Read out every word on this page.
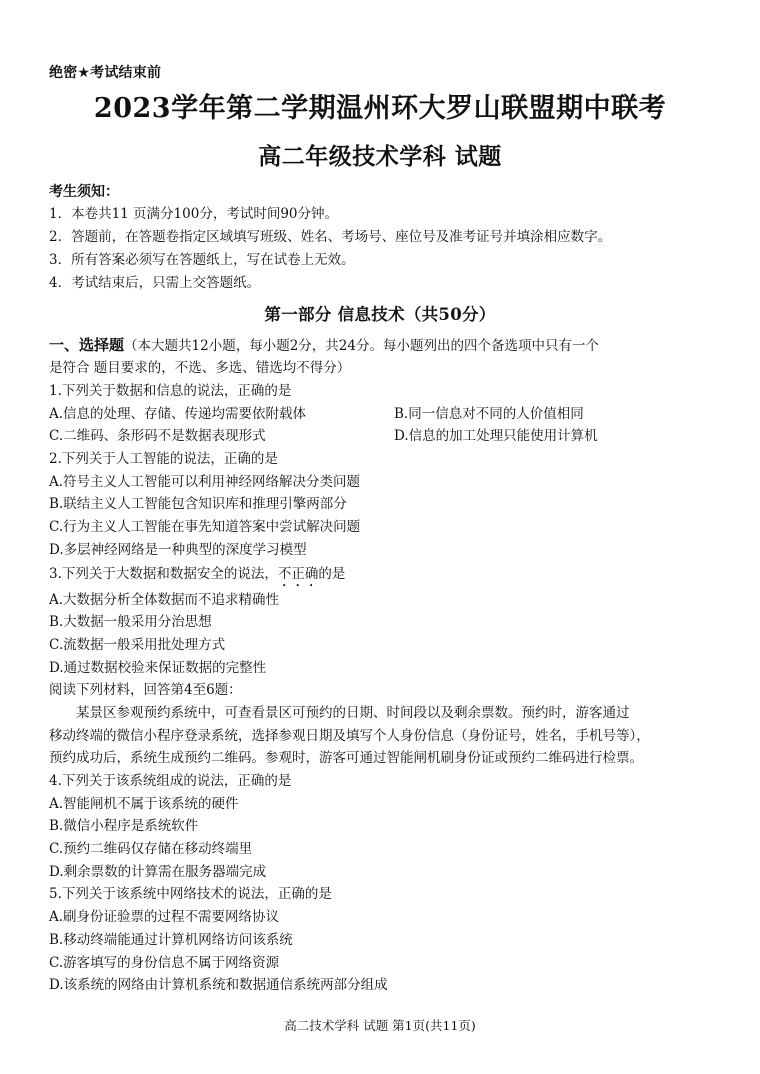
绝密★考试结束前
2023学年第二学期温州环大罗山联盟期中联考
高二年级技术学科 试题
考生须知：
1．本卷共11 页满分100分，考试时间90分钟。
2．答题前，在答题卷指定区域填写班级、姓名、考场号、座位号及准考证号并填涂相应数字。
3．所有答案必须写在答题纸上，写在试卷上无效。
4．考试结束后，只需上交答题纸。
第一部分 信息技术（共50分）
一、选择题（本大题共12小题，每小题2分，共24分。每小题列出的四个备选项中只有一个
是符合 题目要求的，不选、多选、错选均不得分）
1.下列关于数据和信息的说法，正确的是
A.信息的处理、存储、传递均需要依附载体	B.同一信息对不同的人价值相同
C.二维码、条形码不是数据表现形式	D.信息的加工处理只能使用计算机
2.下列关于人工智能的说法，正确的是
A.符号主义人工智能可以利用神经网络解决分类问题
B.联结主义人工智能包含知识库和推理引擎两部分
C.行为主义人工智能在事先知道答案中尝试解决问题
D.多层神经网络是一种典型的深度学习模型
3.下列关于大数据和数据安全的说法，不正确的是
A.大数据分析全体数据而不追求精确性
B.大数据一般采用分治思想
C.流数据一般采用批处理方式
D.通过数据校验来保证数据的完整性
阅读下列材料，回答第4至6题：
某景区参观预约系统中，可查看景区可预约的日期、时间段以及剩余票数。预约时，游客通过
移动终端的微信小程序登录系统，选择参观日期及填写个人身份信息（身份证号，姓名，手机号等），
预约成功后，系统生成预约二维码。参观时，游客可通过智能闸机刷身份证或预约二维码进行检票。
4.下列关于该系统组成的说法，正确的是
A.智能闸机不属于该系统的硬件
B.微信小程序是系统软件
C.预约二维码仅存储在移动终端里
D.剩余票数的计算需在服务器端完成
5.下列关于该系统中网络技术的说法，正确的是
A.刷身份证验票的过程不需要网络协议
B.移动终端能通过计算机网络访问该系统
C.游客填写的身份信息不属于网络资源
D.该系统的网络由计算机系统和数据通信系统两部分组成
高二技术学科 试题 第1页(共11页)
